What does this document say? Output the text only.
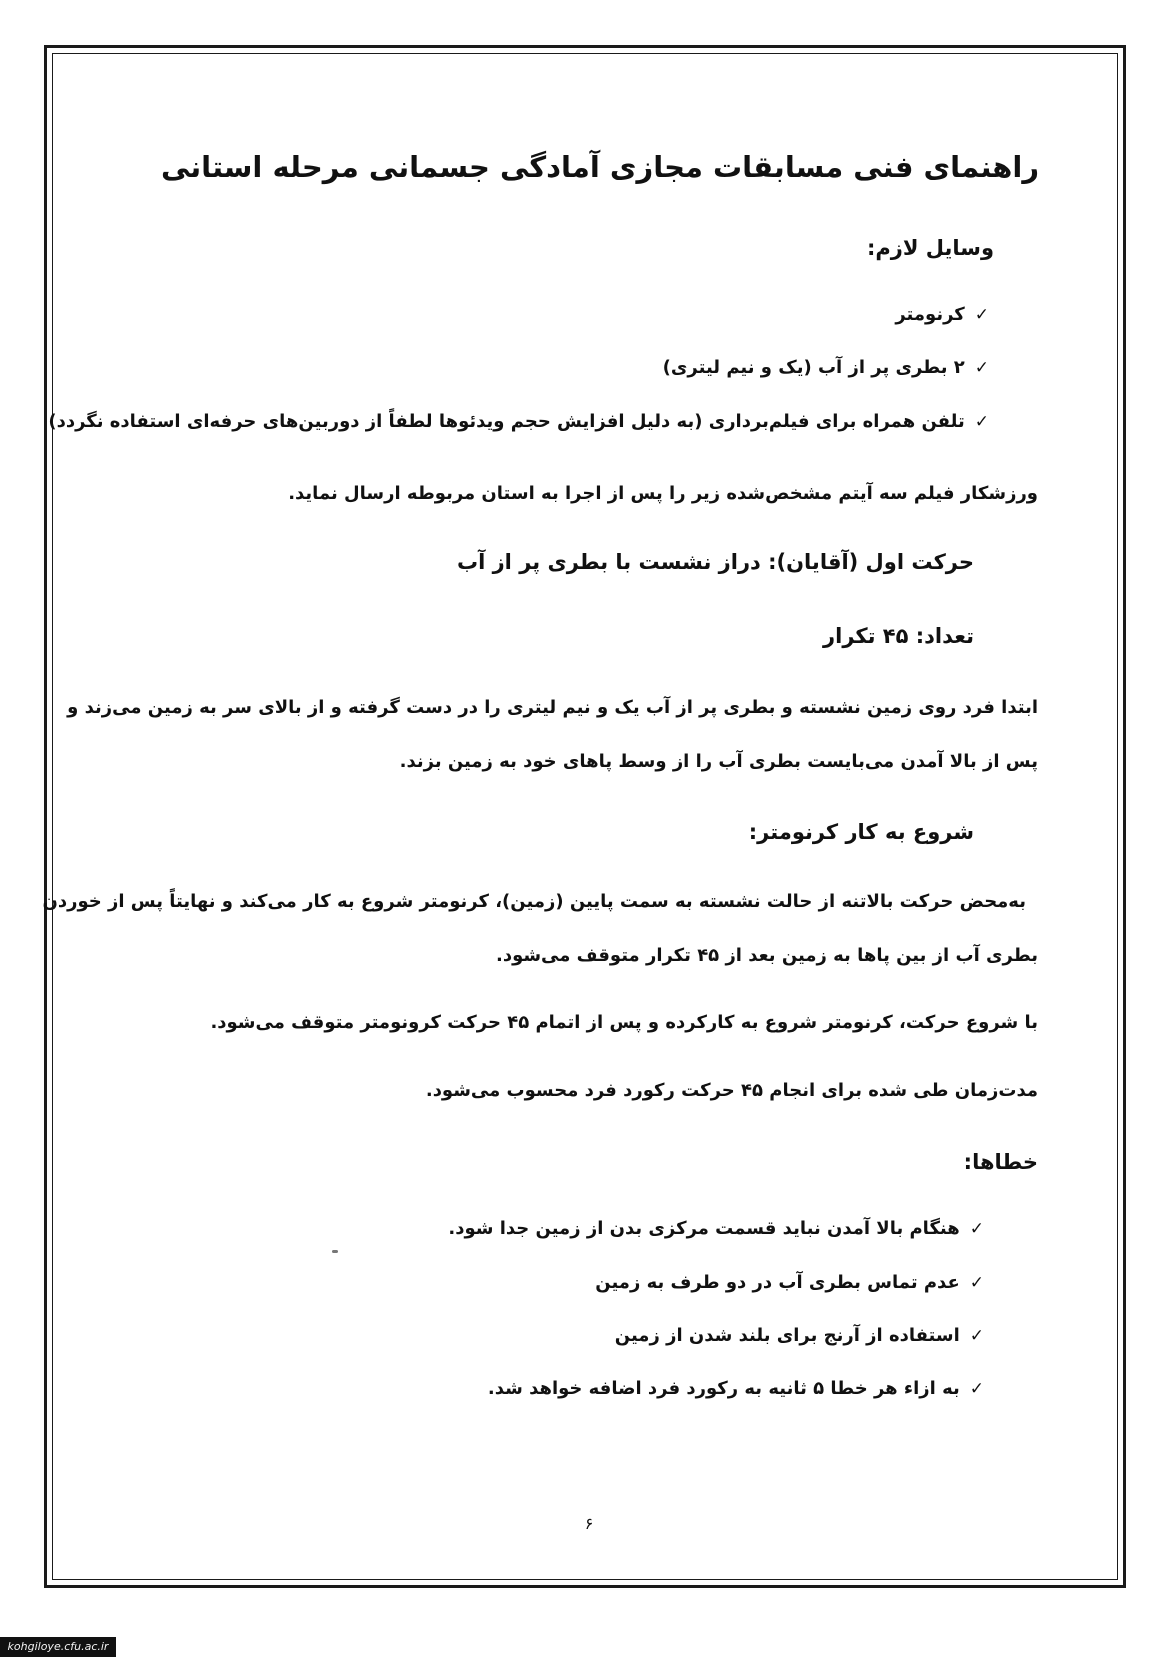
راهنمای فنی مسابقات مجازی آمادگی جسمانی مرحله استانی
وسایل لازم:
✓کرنومتر
✓۲ بطری پر از آب (یک و نیم لیتری)
✓تلفن همراه برای فیلم‌برداری (به دلیل افزایش حجم ویدئوها لطفاً از دوربین‌های حرفه‌ای استفاده نگردد)
ورزشکار فیلم سه آیتم مشخص‌شده زیر را پس از اجرا به استان مربوطه ارسال نماید.
حرکت اول (آقایان): دراز نشست با بطری پر از آب
تعداد: ۴۵ تکرار
ابتدا فرد روی زمین نشسته و بطری پر از آب یک و نیم لیتری را در دست گرفته و از بالای سر به زمین می‌زند و
پس از بالا آمدن می‌بایست بطری آب را از وسط پاهای خود به زمین بزند.
شروع به کار کرنومتر:
به‌محض حرکت بالاتنه از حالت نشسته به سمت پایین (زمین)، کرنومتر شروع به کار می‌کند و نهایتاً پس از خوردن
بطری آب از بین پاها به زمین بعد از ۴۵ تکرار متوقف می‌شود.
با شروع حرکت، کرنومتر شروع به کارکرده و پس از اتمام ۴۵ حرکت کرونومتر متوقف می‌شود.
مدت‌زمان طی شده برای انجام ۴۵ حرکت رکورد فرد محسوب می‌شود.
خطاها:
✓هنگام بالا آمدن نباید قسمت مرکزی بدن از زمین جدا شود.
✓عدم تماس بطری آب در دو طرف به زمین
✓استفاده از آرنج برای بلند شدن از زمین
✓به ازاء هر خطا ۵ ثانیه به رکورد فرد اضافه خواهد شد.
۶
kohgiloye.cfu.ac.ir
